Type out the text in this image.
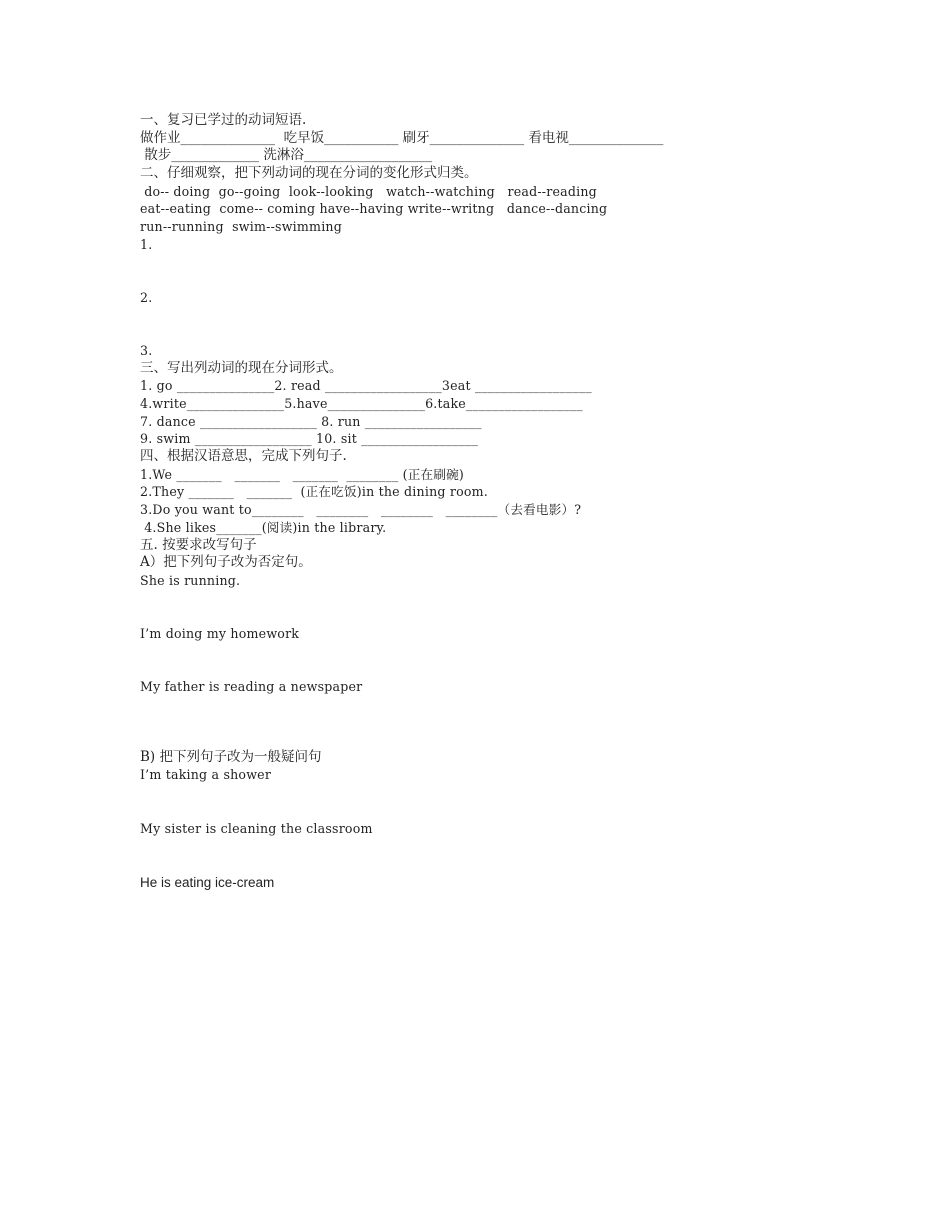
一、复习已学过的动词短语.
做作业______________  吃早饭___________ 刷牙______________ 看电视______________
散步_____________ 洗淋浴___________________
二、仔细观察，把下列动词的现在分词的变化形式归类。
do-- doing  go--going  look--looking   watch--watching   read--reading
eat--eating  come-- coming have--having write--writng   dance--dancing
run--running  swim--swimming
1.
2.
3.
三、写出列动词的现在分词形式。
1. go _______________2. read __________________3eat __________________
4.write_______________5.have_______________6.take__________________
7. dance __________________ 8. run __________________
9. swim __________________ 10. sit __________________
四、根据汉语意思，完成下列句子.
1.We _______   _______   _______  ________ (正在刷碗)
2.They _______   _______  (正在吃饭)in the dining room.
3.Do you want to________   ________   ________   ________（去看电影）?
4.She likes_______(阅读)in the library.
五. 按要求改写句子
A）把下列句子改为否定句。
She is running.
I’m doing my homework
My father is reading a newspaper
B) 把下列句子改为一般疑问句
I’m taking a shower
My sister is cleaning the classroom
He is eating ice-cream
